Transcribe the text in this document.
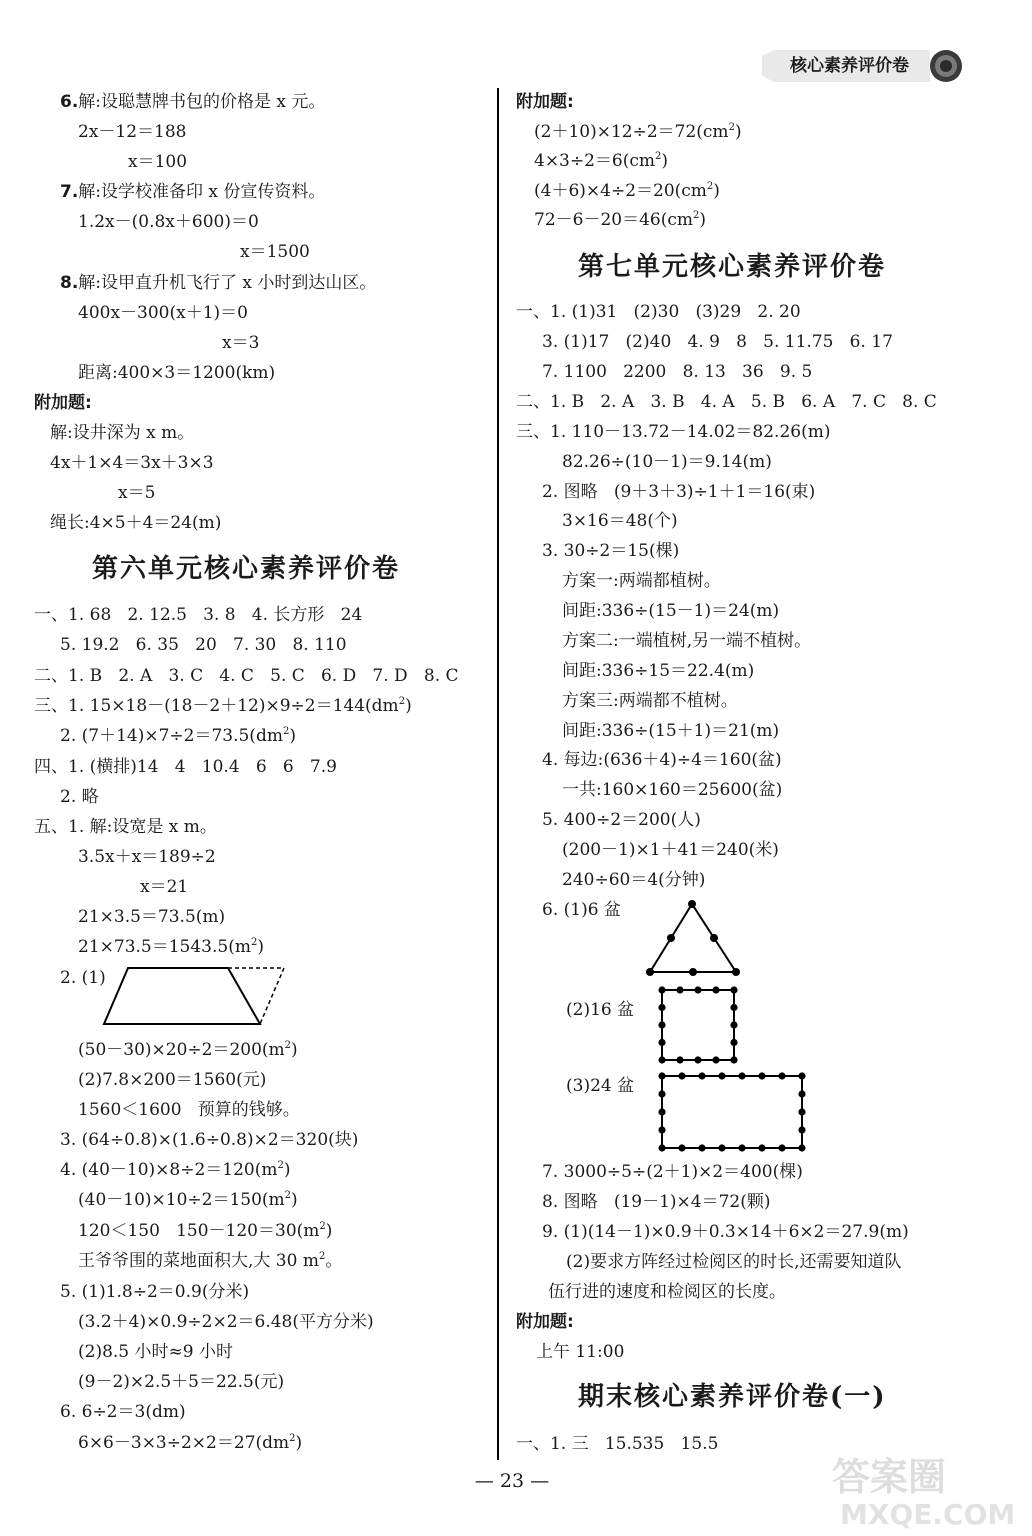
核心素养评价卷
6.解:设聪慧牌书包的价格是 x 元。
2x－12＝188
x＝100
7.解:设学校准备印 x 份宣传资料。
1.2x－(0.8x＋600)＝0
x＝1500
8.解:设甲直升机飞行了 x 小时到达山区。
400x－300(x＋1)＝0
x＝3
距离:400×3＝1200(km)
附加题:
解:设井深为 x m。
4x＋1×4＝3x＋3×3
x＝5
绳长:4×5＋4＝24(m)
第六单元核心素养评价卷
一、1. 68   2. 12.5   3. 8   4. 长方形   24
5. 19.2   6. 35   20   7. 30   8. 110
二、1. B   2. A   3. C   4. C   5. C   6. D   7. D   8. C
三、1. $15\times 18-(18-2+12)\times 9\div 2=144(dm^2)$
2. $(7+14)\times 7\div 2=73.5(dm^2)$
四、1. (横排)14   4   10.4   6   6   7.9
2. 略
五、1. 解:设宽是 x m。
3.5x＋x＝189÷2
x＝21
21×3.5＝73.5(m)
$21\times 73.5=1543.5(m^2)$
2. (1)
$(50-30)\times 20\div 2=200(m^2)$
(2)7.8×200＝1560(元)
1560＜1600   预算的钱够。
3. (64÷0.8)×(1.6÷0.8)×2＝320(块)
4. $(40-10)\times 8\div 2=120(m^2)$
$(40-10)\times 10\div 2=150(m^2)$
120＜150   $150-120=30(m^2)$
王爷爷围的菜地面积大,大 30 $m^2$。
5. (1)1.8÷2＝0.9(分米)
(3.2＋4)×0.9÷2×2＝6.48(平方分米)
(2)8.5 小时≈9 小时
(9－2)×2.5＋5＝22.5(元)
6. 6÷2＝3(dm)
$6\times 6-3\times 3\div 2\times 2=27(dm^2)$
附加题:
$(2+10)\times 12\div 2=72(cm^2)$
$4\times 3\div 2=6(cm^2)$
$(4+6)\times 4\div 2=20(cm^2)$
$72-6-20=46(cm^2)$
第七单元核心素养评价卷
一、1. (1)31   (2)30   (3)29   2. 20
3. (1)17   (2)40   4. 9   8   5. 11.75   6. 17
7. 1100   2200   8. 13   36   9. 5
二、1. B   2. A   3. B   4. A   5. B   6. A   7. C   8. C
三、1. 110－13.72－14.02＝82.26(m)
82.26÷(10－1)＝9.14(m)
2. 图略   (9＋3＋3)÷1＋1＝16(束)
3×16＝48(个)
3. 30÷2＝15(棵)
方案一:两端都植树。
间距:336÷(15－1)＝24(m)
方案二:一端植树,另一端不植树。
间距:336÷15＝22.4(m)
方案三:两端都不植树。
间距:336÷(15＋1)＝21(m)
4. 每边:(636＋4)÷4＝160(盆)
一共:160×160＝25600(盆)
5. 400÷2＝200(人)
(200－1)×1＋41＝240(米)
240÷60＝4(分钟)
6. (1)6 盆
(2)16 盆
(3)24 盆
7. 3000÷5÷(2＋1)×2＝400(棵)
8. 图略   (19－1)×4＝72(颗)
9. (1)(14－1)×0.9＋0.3×14＋6×2＝27.9(m)
(2)要求方阵经过检阅区的时长,还需要知道队
伍行进的速度和检阅区的长度。
附加题:
上午 11:00
期末核心素养评价卷(一)
一、1. 三   15.535   15.5
— 23 —	答案圈
MXQE.COM
